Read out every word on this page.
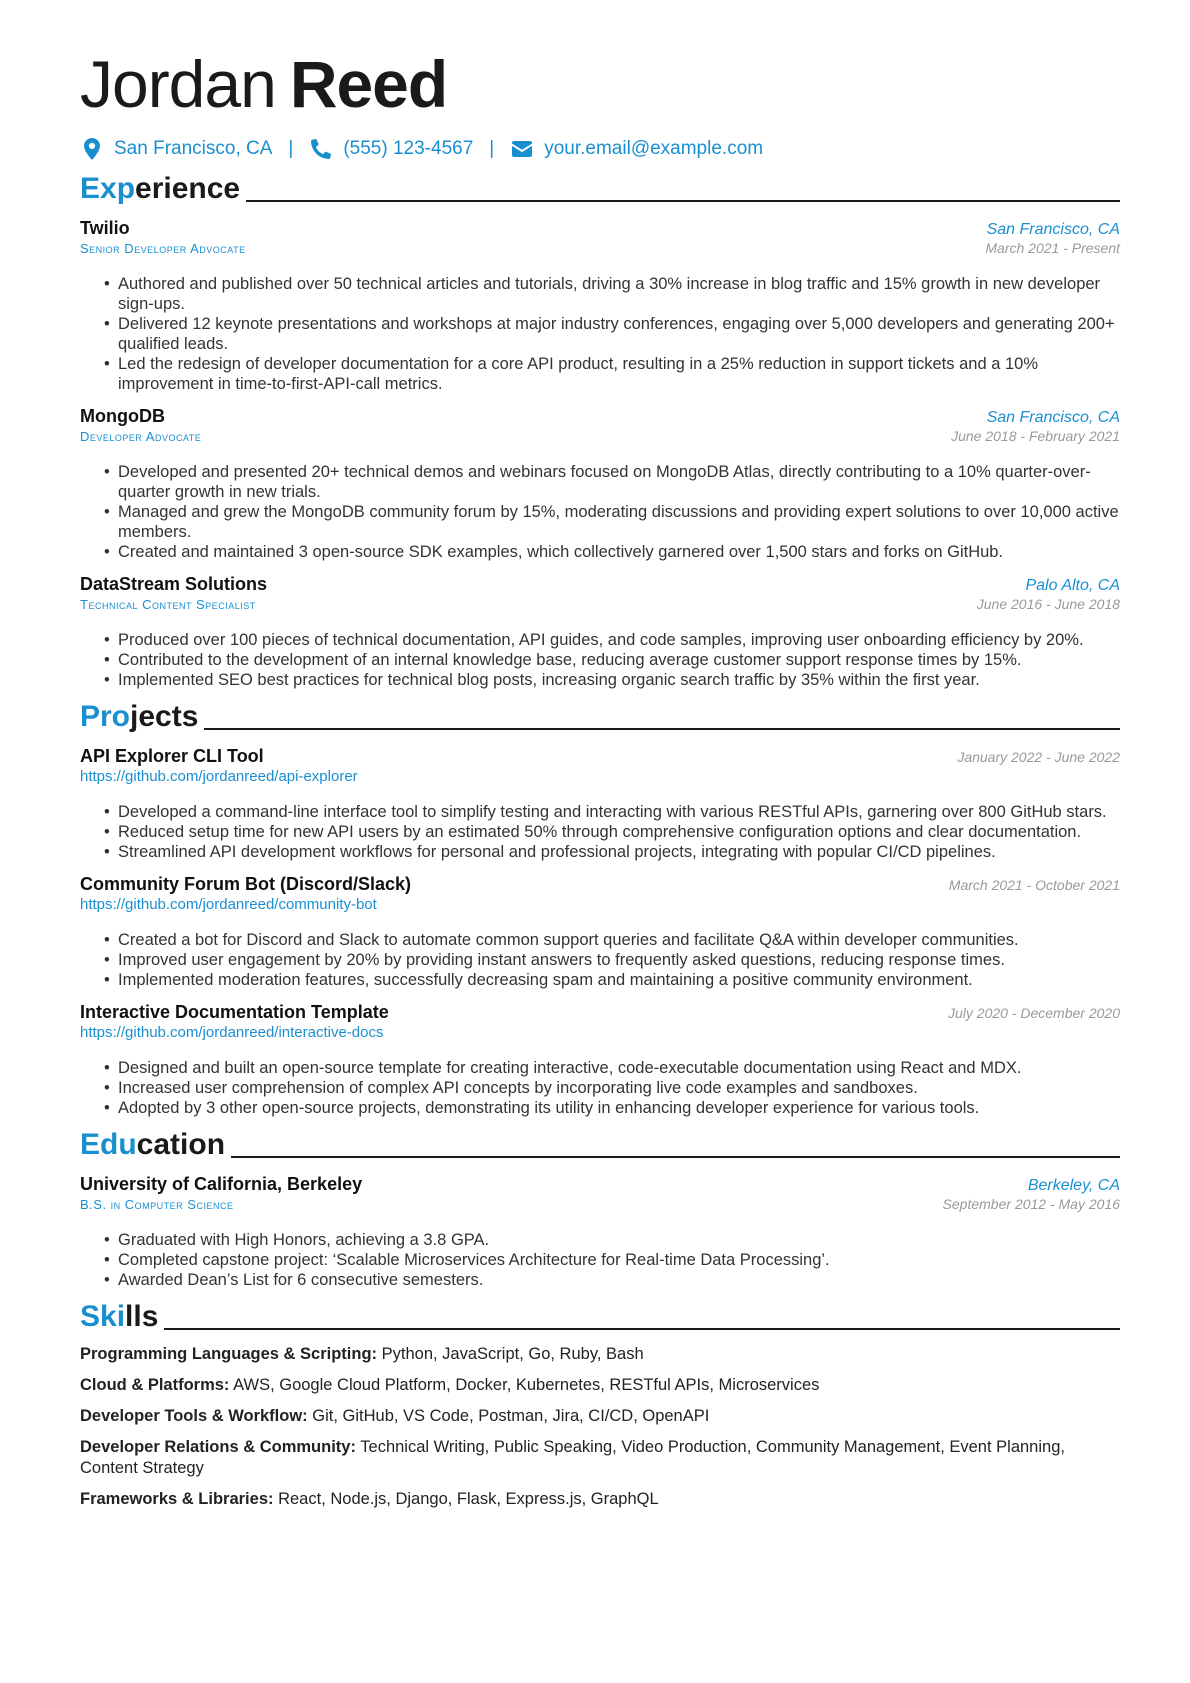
Jordan Reed
San Francisco, CA |	(555) 123-4567 |	your.email@example.com
Experience
Twilio	San Francisco, CA
Senior Developer Advocate	March 2021 - Present
• Authored and published over 50 technical articles and tutorials, driving a 30% increase in blog traffic and 15% growth in new developer sign-ups.
• Delivered 12 keynote presentations and workshops at major industry conferences, engaging over 5,000 developers and generating 200+ qualified leads.
• Led the redesign of developer documentation for a core API product, resulting in a 25% reduction in support tickets and a 10% improvement in time-to-first-API-call metrics.
MongoDB	San Francisco, CA
Developer Advocate	June 2018 - February 2021
• Developed and presented 20+ technical demos and webinars focused on MongoDB Atlas, directly contributing to a 10% quarter-over-quarter growth in new trials.
• Managed and grew the MongoDB community forum by 15%, moderating discussions and providing expert solutions to over 10,000 active members.
• Created and maintained 3 open-source SDK examples, which collectively garnered over 1,500 stars and forks on GitHub.
DataStream Solutions	Palo Alto, CA
Technical Content Specialist	June 2016 - June 2018
• Produced over 100 pieces of technical documentation, API guides, and code samples, improving user onboarding efficiency by 20%.
• Contributed to the development of an internal knowledge base, reducing average customer support response times by 15%.
• Implemented SEO best practices for technical blog posts, increasing organic search traffic by 35% within the first year.
Projects
API Explorer CLI Tool	January 2022 - June 2022
https://github.com/jordanreed/api-explorer
• Developed a command-line interface tool to simplify testing and interacting with various RESTful APIs, garnering over 800 GitHub stars.
• Reduced setup time for new API users by an estimated 50% through comprehensive configuration options and clear documentation.
• Streamlined API development workflows for personal and professional projects, integrating with popular CI/CD pipelines.
Community Forum Bot (Discord/Slack)	March 2021 - October 2021
https://github.com/jordanreed/community-bot
• Created a bot for Discord and Slack to automate common support queries and facilitate Q&A within developer communities.
• Improved user engagement by 20% by providing instant answers to frequently asked questions, reducing response times.
• Implemented moderation features, successfully decreasing spam and maintaining a positive community environment.
Interactive Documentation Template	July 2020 - December 2020
https://github.com/jordanreed/interactive-docs
• Designed and built an open-source template for creating interactive, code-executable documentation using React and MDX.
• Increased user comprehension of complex API concepts by incorporating live code examples and sandboxes.
• Adopted by 3 other open-source projects, demonstrating its utility in enhancing developer experience for various tools.
Education
University of California, Berkeley	Berkeley, CA
B.S. in Computer Science	September 2012 - May 2016
• Graduated with High Honors, achieving a 3.8 GPA.
• Completed capstone project: ‘Scalable Microservices Architecture for Real-time Data Processing’.
• Awarded Dean’s List for 6 consecutive semesters.
Skills
Programming Languages & Scripting: Python, JavaScript, Go, Ruby, Bash
Cloud & Platforms: AWS, Google Cloud Platform, Docker, Kubernetes, RESTful APIs, Microservices
Developer Tools & Workflow: Git, GitHub, VS Code, Postman, Jira, CI/CD, OpenAPI
Developer Relations & Community: Technical Writing, Public Speaking, Video Production, Community Management, Event Planning, Content Strategy
Frameworks & Libraries: React, Node.js, Django, Flask, Express.js, GraphQL
